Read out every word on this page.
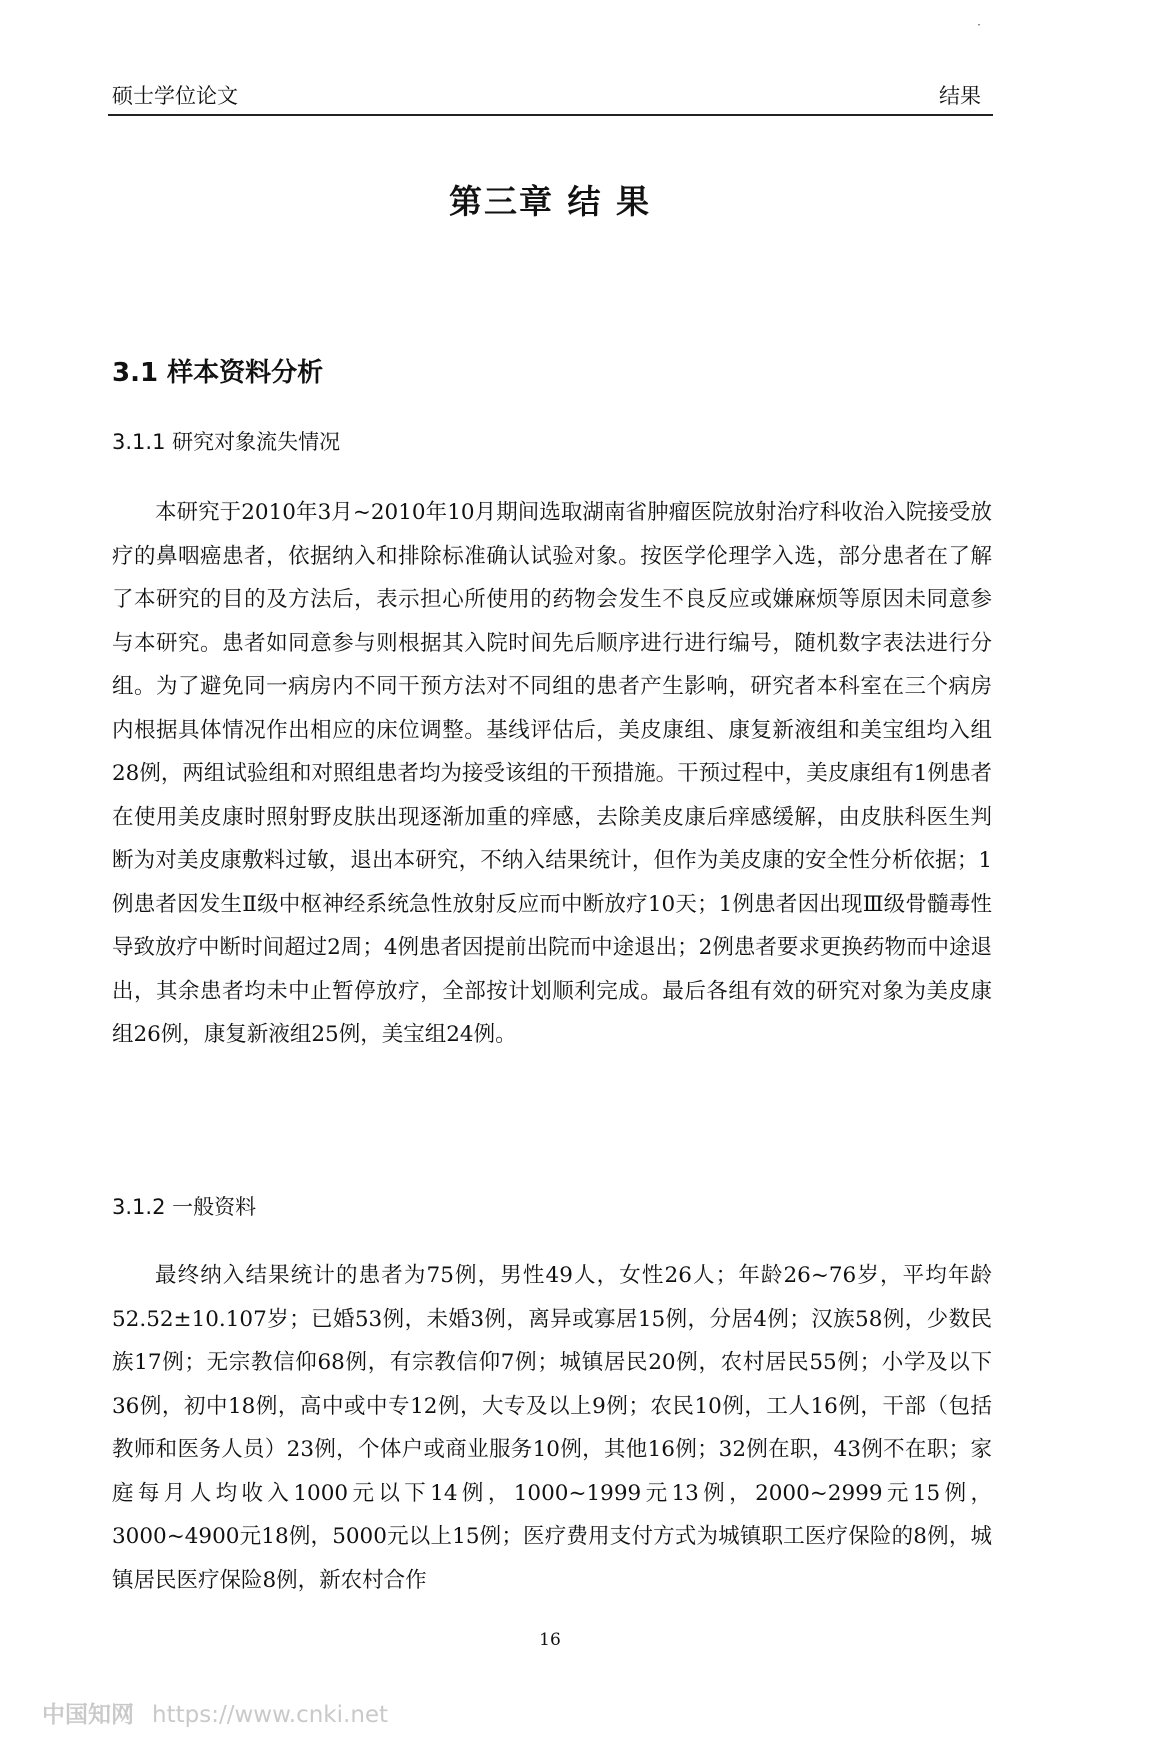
·
硕士学位论文	结果
第三章 结 果
3.1 样本资料分析
3.1.1 研究对象流失情况

本研究于2010年3月~2010年10月期间选取湖南省肿瘤医院放射治疗科收治入院接受放疗的鼻咽癌患者，依据纳入和排除标准确认试验对象。按医学伦理学入选，部分患者在了解了本研究的目的及方法后，表示担心所使用的药物会发生不良反应或嫌麻烦等原因未同意参与本研究。患者如同意参与则根据其入院时间先后顺序进行进行编号，随机数字表法进行分组。为了避免同一病房内不同干预方法对不同组的患者产生影响，研究者本科室在三个病房内根据具体情况作出相应的床位调整。基线评估后，美皮康组、康复新液组和美宝组均入组28例，两组试验组和对照组患者均为接受该组的干预措施。干预过程中，美皮康组有1例患者在使用美皮康时照射野皮肤出现逐渐加重的痒感，去除美皮康后痒感缓解，由皮肤科医生判断为对美皮康敷料过敏，退出本研究，不纳入结果统计，但作为美皮康的安全性分析依据；1例患者因发生Ⅱ级中枢神经系统急性放射反应而中断放疗10天；1例患者因出现Ⅲ级骨髓毒性导致放疗中断时间超过2周；4例患者因提前出院而中途退出；2例患者要求更换药物而中途退出，其余患者均未中止暂停放疗，全部按计划顺利完成。最后各组有效的研究对象为美皮康组26例，康复新液组25例，美宝组24例。

3.1.2 一般资料

最终纳入结果统计的患者为75例，男性49人，女性26人；年龄26~76岁，平均年龄52.52±10.107岁；已婚53例，未婚3例，离异或寡居15例，分居4例；汉族58例，少数民族17例；无宗教信仰68例，有宗教信仰7例；城镇居民20例，农村居民55例；小学及以下36例，初中18例，高中或中专12例，大专及以上9例；农民10例，工人16例，干部（包括教师和医务人员）23例，个体户或商业服务10例，其他16例；32例在职，43例不在职；家庭每月人均收入1000元以下14例，1000~1999元13例，2000~2999元15例，3000~4900元18例，5000元以上15例；医疗费用支付方式为城镇职工医疗保险的8例，城镇居民医疗保险8例，新农村合作

16
中国知网 https://www.cnki.net
